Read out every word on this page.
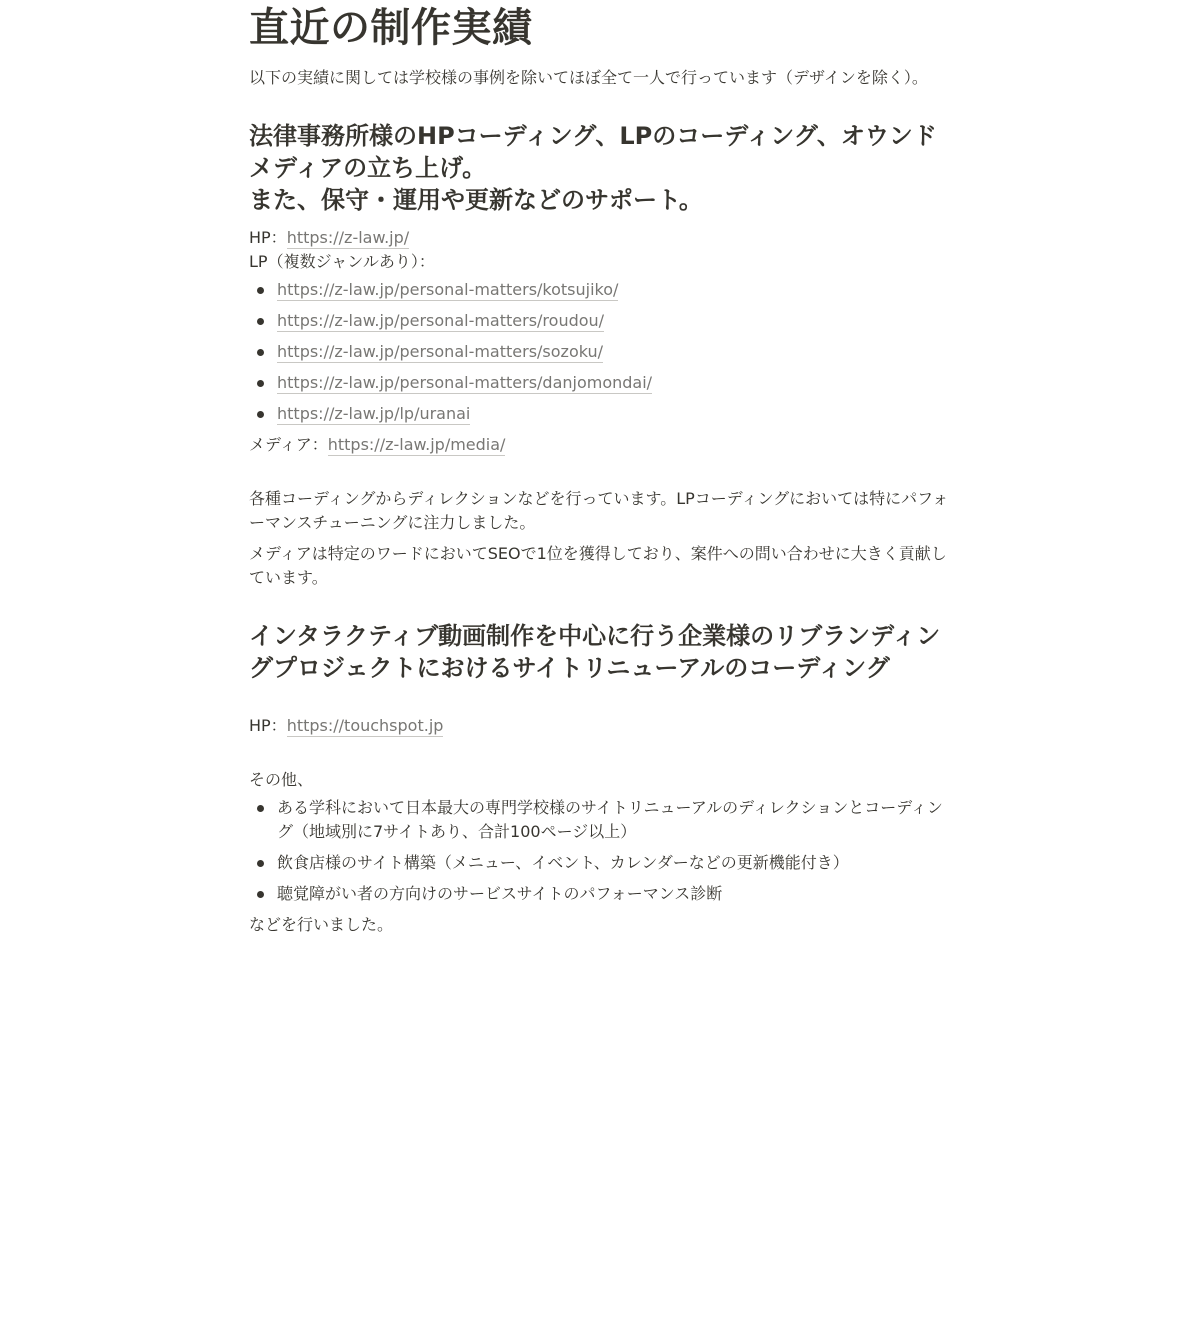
直近の制作実績

以下の実績に関しては学校様の事例を除いてほぼ全て一人で行っています（デザインを除く）。

法律事務所様のHPコーディング、LPのコーディング、オウンド
メディアの立ち上げ。
また、保守・運用や更新などのサポート。

HP：https://z-law.jp/

LP（複数ジャンルあり）：

https://z-law.jp/personal-matters/kotsujiko/
https://z-law.jp/personal-matters/roudou/
https://z-law.jp/personal-matters/sozoku/
https://z-law.jp/personal-matters/danjomondai/
https://z-law.jp/lp/uranai

メディア：https://z-law.jp/media/

各種コーディングからディレクションなどを行っています。LPコーディングにおいては特にパフォーマンスチューニングに注力しました。

メディアは特定のワードにおいてSEOで1位を獲得しており、案件への問い合わせに大きく貢献しています。

インタラクティブ動画制作を中心に行う企業様のリブランディングプロジェクトにおけるサイトリニューアルのコーディング

HP：https://touchspot.jp

その他、

ある学科において日本最大の専門学校様のサイトリニューアルのディレクションとコーディング（地域別に7サイトあり、合計100ページ以上）
飲食店様のサイト構築（メニュー、イベント、カレンダーなどの更新機能付き）
聴覚障がい者の方向けのサービスサイトのパフォーマンス診断

などを行いました。
